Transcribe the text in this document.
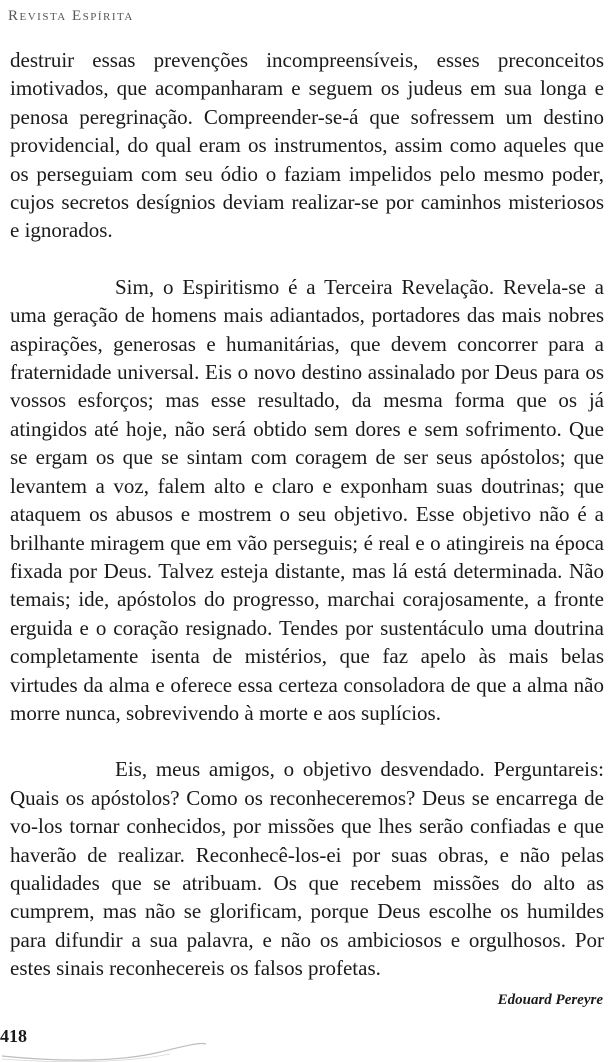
Revista Espírita

destruir essas prevenções incompreensíveis, esses preconceitos imotivados, que acompanharam e seguem os judeus em sua longa e penosa peregrinação. Compreender-se-á que sofressem um destino providencial, do qual eram os instrumentos, assim como aqueles que os perseguiam com seu ódio o faziam impelidos pelo mesmo poder, cujos secretos desígnios deviam realizar-se por caminhos misteriosos e ignorados.

Sim, o Espiritismo é a Terceira Revelação. Revela-se a uma geração de homens mais adiantados, portadores das mais nobres aspirações, generosas e humanitárias, que devem concorrer para a fraternidade universal. Eis o novo destino assinalado por Deus para os vossos esforços; mas esse resultado, da mesma forma que os já atingidos até hoje, não será obtido sem dores e sem sofrimento. Que se ergam os que se sintam com coragem de ser seus apóstolos; que levantem a voz, falem alto e claro e exponham suas doutrinas; que ataquem os abusos e mostrem o seu objetivo. Esse objetivo não é a brilhante miragem que em vão perseguis; é real e o atingireis na época fixada por Deus. Talvez esteja distante, mas lá está determinada. Não temais; ide, apóstolos do progresso, marchai corajosamente, a fronte erguida e o coração resignado. Tendes por sustentáculo uma doutrina completamente isenta de mistérios, que faz apelo às mais belas virtudes da alma e oferece essa certeza consoladora de que a alma não morre nunca, sobrevivendo à morte e aos suplícios.

Eis, meus amigos, o objetivo desvendado. Perguntareis: Quais os apóstolos? Como os reconheceremos? Deus se encarrega de vo-los tornar conhecidos, por missões que lhes serão confiadas e que haverão de realizar. Reconhecê-los-ei por suas obras, e não pelas qualidades que se atribuam. Os que recebem missões do alto as cumprem, mas não se glorificam, porque Deus escolhe os humildes para difundir a sua palavra, e não os ambiciosos e orgulhosos. Por estes sinais reconhecereis os falsos profetas.

Edouard Pereyre
418
